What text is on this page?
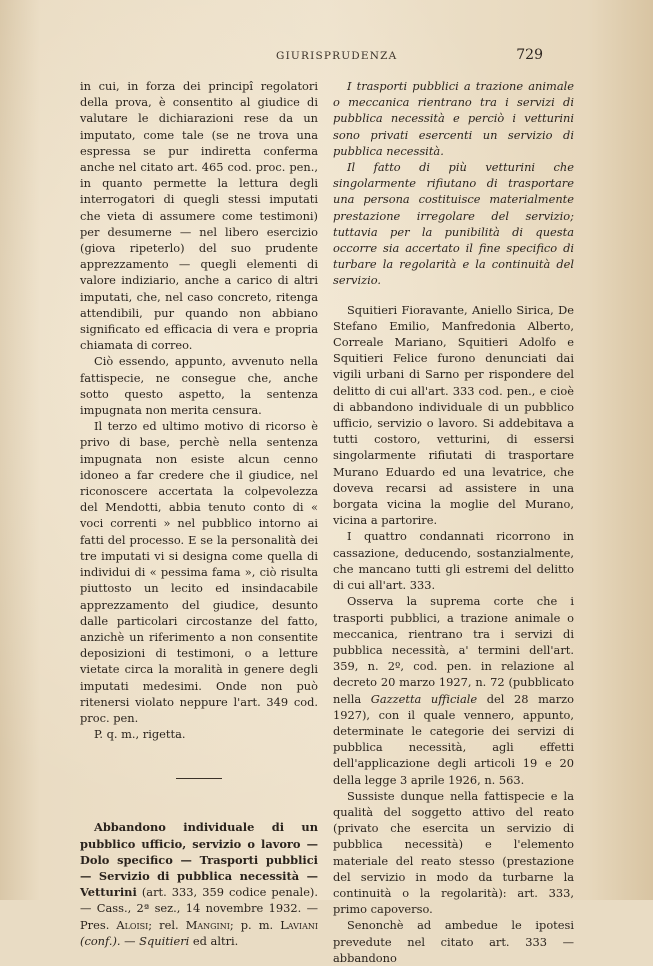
GIURISPRUDENZA	729

in cui, in forza dei principî regolatori della prova, è consentito al giudice di valutare le dichiarazioni rese da un imputato, come tale (se ne trova una espressa se pur indiretta conferma anche nel citato art. 465 cod. proc. pen., in quanto permette la lettura degli interrogatori di quegli stessi imputati che vieta di assumere come testimoni) per desumerne — nel libero esercizio (giova ripeterlo) del suo prudente apprezzamento — quegli elementi di valore indiziario, anche a carico di altri imputati, che, nel caso concreto, ritenga attendibili, pur quando non abbiano significato ed efficacia di vera e propria chiamata di correo.

Ciò essendo, appunto, avvenuto nella fattispecie, ne consegue che, anche sotto questo aspetto, la sentenza impugnata non merita censura.

Il terzo ed ultimo motivo di ricorso è privo di base, perchè nella sentenza impugnata non esiste alcun cenno idoneo a far credere che il giudice, nel riconoscere accertata la colpevolezza del Mendotti, abbia tenuto conto di « voci correnti » nel pubblico intorno ai fatti del processo. E se la personalità dei tre imputati vi si designa come quella di individui di « pessima fama », ciò risulta piuttosto un lecito ed insindacabile apprezzamento del giudice, desunto dalle particolari circostanze del fatto, anzichè un riferimento a non consentite deposizioni di testimoni, o a letture vietate circa la moralità in genere degli imputati medesimi. Onde non può ritenersi violato neppure l'art. 349 cod. proc. pen.

P. q. m., rigetta.

Abbandono individuale di un pubblico ufficio, servizio o lavoro — Dolo specifico — Trasporti pubblici — Servizio di pubblica necessità — Vetturini (art. 333, 359 codice penale). — Cass., 2ª sez., 14 novembre 1932. — Pres. Aloisi; rel. Mangini; p. m. Laviani (conf.). — Squitieri ed altri.

I trasporti pubblici a trazione animale o meccanica rientrano tra i servizi di pubblica necessità e perciò i vetturini sono privati esercenti un servizio di pubblica necessità.

Il fatto di più vetturini che singolarmente rifiutano di trasportare una persona costituisce materialmente prestazione irregolare del servizio; tuttavia per la punibilità di questa occorre sia accertato il fine specifico di turbare la regolarità e la continuità del servizio.

Squitieri Fioravante, Aniello Sirica, De Stefano Emilio, Manfredonia Alberto, Correale Mariano, Squitieri Adolfo e Squitieri Felice furono denunciati dai vigili urbani di Sarno per rispondere del delitto di cui all'art. 333 cod. pen., e cioè di abbandono individuale di un pubblico ufficio, servizio o lavoro. Si addebitava a tutti costoro, vetturini, di essersi singolarmente rifiutati di trasportare Murano Eduardo ed una levatrice, che doveva recarsi ad assistere in una borgata vicina la moglie del Murano, vicina a partorire.

I quattro condannati ricorrono in cassazione, deducendo, sostanzialmente, che mancano tutti gli estremi del delitto di cui all'art. 333.

Osserva la suprema corte che i trasporti pubblici, a trazione animale o meccanica, rientrano tra i servizi di pubblica necessità, a' termini dell'art. 359, n. 2º, cod. pen. in relazione al decreto 20 marzo 1927, n. 72 (pubblicato nella Gazzetta ufficiale del 28 marzo 1927), con il quale vennero, appunto, determinate le categorie dei servizi di pubblica necessità, agli effetti dell'applicazione degli articoli 19 e 20 della legge 3 aprile 1926, n. 563.

Sussiste dunque nella fattispecie e la qualità del soggetto attivo del reato (privato che esercita un servizio di pubblica necessità) e l'elemento materiale del reato stesso (prestazione del servizio in modo da turbarne la continuità o la regolarità): art. 333, primo capoverso.

Senonchè ad ambedue le ipotesi prevedute nel citato art. 333 — abbandono
